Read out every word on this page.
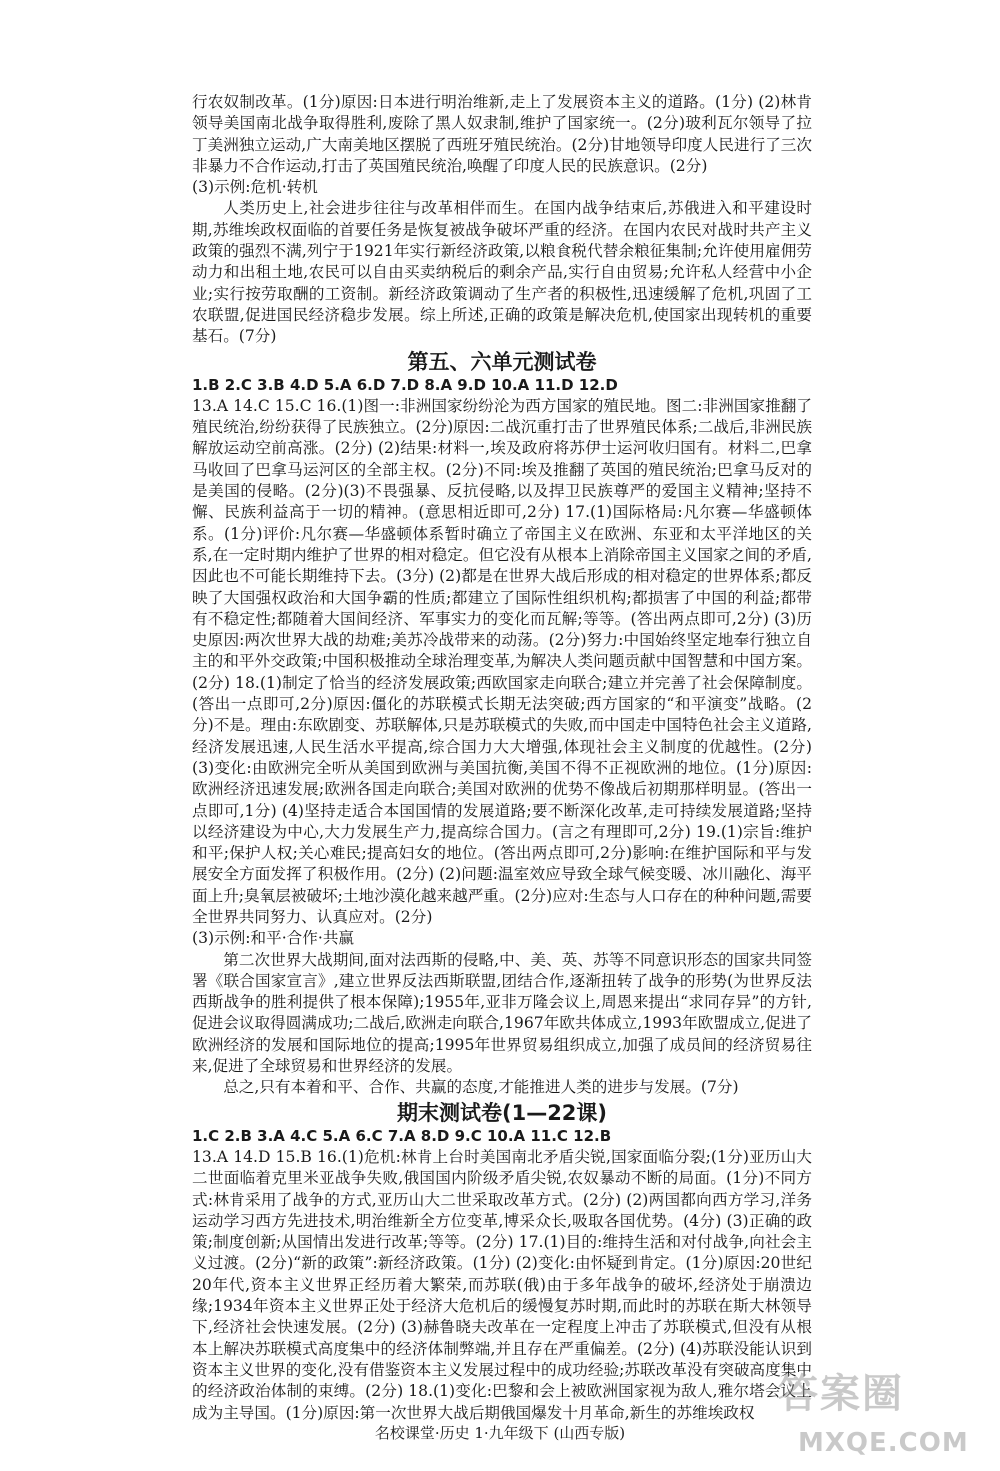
行农奴制改革。(1分)原因:日本进行明治维新,走上了发展资本主义的道路。(1分) (2)林肯领导美国南北战争取得胜利,废除了黑人奴隶制,维护了国家统一。(2分)玻利瓦尔领导了拉丁美洲独立运动,广大南美地区摆脱了西班牙殖民统治。(2分)甘地领导印度人民进行了三次非暴力不合作运动,打击了英国殖民统治,唤醒了印度人民的民族意识。(2分)

(3)示例:危机·转机

人类历史上,社会进步往往与改革相伴而生。在国内战争结束后,苏俄进入和平建设时期,苏维埃政权面临的首要任务是恢复被战争破坏严重的经济。在国内农民对战时共产主义政策的强烈不满,列宁于1921年实行新经济政策,以粮食税代替余粮征集制;允许使用雇佣劳动力和出租土地,农民可以自由买卖纳税后的剩余产品,实行自由贸易;允许私人经营中小企业;实行按劳取酬的工资制。新经济政策调动了生产者的积极性,迅速缓解了危机,巩固了工农联盟,促进国民经济稳步发展。综上所述,正确的政策是解决危机,使国家出现转机的重要基石。(7分)

第五、六单元测试卷

1.B 2.C 3.B 4.D 5.A 6.D 7.D 8.A 9.D 10.A 11.D 12.D

13.A 14.C 15.C 16.(1)图一:非洲国家纷纷沦为西方国家的殖民地。图二:非洲国家推翻了殖民统治,纷纷获得了民族独立。(2分)原因:二战沉重打击了世界殖民体系;二战后,非洲民族解放运动空前高涨。(2分) (2)结果:材料一,埃及政府将苏伊士运河收归国有。材料二,巴拿马收回了巴拿马运河区的全部主权。(2分)不同:埃及推翻了英国的殖民统治;巴拿马反对的是美国的侵略。(2分)(3)不畏强暴、反抗侵略,以及捍卫民族尊严的爱国主义精神;坚持不懈、民族利益高于一切的精神。(意思相近即可,2分) 17.(1)国际格局:凡尔赛—华盛顿体系。(1分)评价:凡尔赛—华盛顿体系暂时确立了帝国主义在欧洲、东亚和太平洋地区的关系,在一定时期内维护了世界的相对稳定。但它没有从根本上消除帝国主义国家之间的矛盾,因此也不可能长期维持下去。(3分) (2)都是在世界大战后形成的相对稳定的世界体系;都反映了大国强权政治和大国争霸的性质;都建立了国际性组织机构;都损害了中国的利益;都带有不稳定性;都随着大国间经济、军事实力的变化而瓦解;等等。(答出两点即可,2分) (3)历史原因:两次世界大战的劫难;美苏冷战带来的动荡。(2分)努力:中国始终坚定地奉行独立自主的和平外交政策;中国积极推动全球治理变革,为解决人类问题贡献中国智慧和中国方案。(2分) 18.(1)制定了恰当的经济发展政策;西欧国家走向联合;建立并完善了社会保障制度。(答出一点即可,2分)原因:僵化的苏联模式长期无法突破;西方国家的“和平演变”战略。(2分)不是。理由:东欧剧变、苏联解体,只是苏联模式的失败,而中国走中国特色社会主义道路,经济发展迅速,人民生活水平提高,综合国力大大增强,体现社会主义制度的优越性。(2分) (3)变化:由欧洲完全听从美国到欧洲与美国抗衡,美国不得不正视欧洲的地位。(1分)原因:欧洲经济迅速发展;欧洲各国走向联合;美国对欧洲的优势不像战后初期那样明显。(答出一点即可,1分) (4)坚持走适合本国国情的发展道路;要不断深化改革,走可持续发展道路;坚持以经济建设为中心,大力发展生产力,提高综合国力。(言之有理即可,2分) 19.(1)宗旨:维护和平;保护人权;关心难民;提高妇女的地位。(答出两点即可,2分)影响:在维护国际和平与发展安全方面发挥了积极作用。(2分) (2)问题:温室效应导致全球气候变暖、冰川融化、海平面上升;臭氧层被破坏;土地沙漠化越来越严重。(2分)应对:生态与人口存在的种种问题,需要全世界共同努力、认真应对。(2分)

(3)示例:和平·合作·共赢

第二次世界大战期间,面对法西斯的侵略,中、美、英、苏等不同意识形态的国家共同签署《联合国家宣言》,建立世界反法西斯联盟,团结合作,逐渐扭转了战争的形势(为世界反法西斯战争的胜利提供了根本保障);1955年,亚非万隆会议上,周恩来提出“求同存异”的方针,促进会议取得圆满成功;二战后,欧洲走向联合,1967年欧共体成立,1993年欧盟成立,促进了欧洲经济的发展和国际地位的提高;1995年世界贸易组织成立,加强了成员间的经济贸易往来,促进了全球贸易和世界经济的发展。

总之,只有本着和平、合作、共赢的态度,才能推进人类的进步与发展。(7分)

期末测试卷(1—22课)

1.C 2.B 3.A 4.C 5.A 6.C 7.A 8.D 9.C 10.A 11.C 12.B

13.A 14.D 15.B 16.(1)危机:林肯上台时美国南北矛盾尖锐,国家面临分裂;(1分)亚历山大二世面临着克里米亚战争失败,俄国国内阶级矛盾尖锐,农奴暴动不断的局面。(1分)不同方式:林肯采用了战争的方式,亚历山大二世采取改革方式。(2分) (2)两国都向西方学习,洋务运动学习西方先进技术,明治维新全方位变革,博采众长,吸取各国优势。(4分) (3)正确的政策;制度创新;从国情出发进行改革;等等。(2分) 17.(1)目的:维持生活和对付战争,向社会主义过渡。(2分)“新的政策”:新经济政策。(1分) (2)变化:由怀疑到肯定。(1分)原因:20世纪20年代,资本主义世界正经历着大繁荣,而苏联(俄)由于多年战争的破坏,经济处于崩溃边缘;1934年资本主义世界正处于经济大危机后的缓慢复苏时期,而此时的苏联在斯大林领导下,经济社会快速发展。(2分) (3)赫鲁晓夫改革在一定程度上冲击了苏联模式,但没有从根本上解决苏联模式高度集中的经济体制弊端,并且存在严重偏差。(2分) (4)苏联没能认识到资本主义世界的变化,没有借鉴资本主义发展过程中的成功经验;苏联改革没有突破高度集中的经济政治体制的束缚。(2分) 18.(1)变化:巴黎和会上被欧洲国家视为敌人,雅尔塔会议上成为主导国。(1分)原因:第一次世界大战后期俄国爆发十月革命,新生的苏维埃政权

名校课堂·历史 1·九年级下 (山西专版)
答案圈
MXQE.COM
